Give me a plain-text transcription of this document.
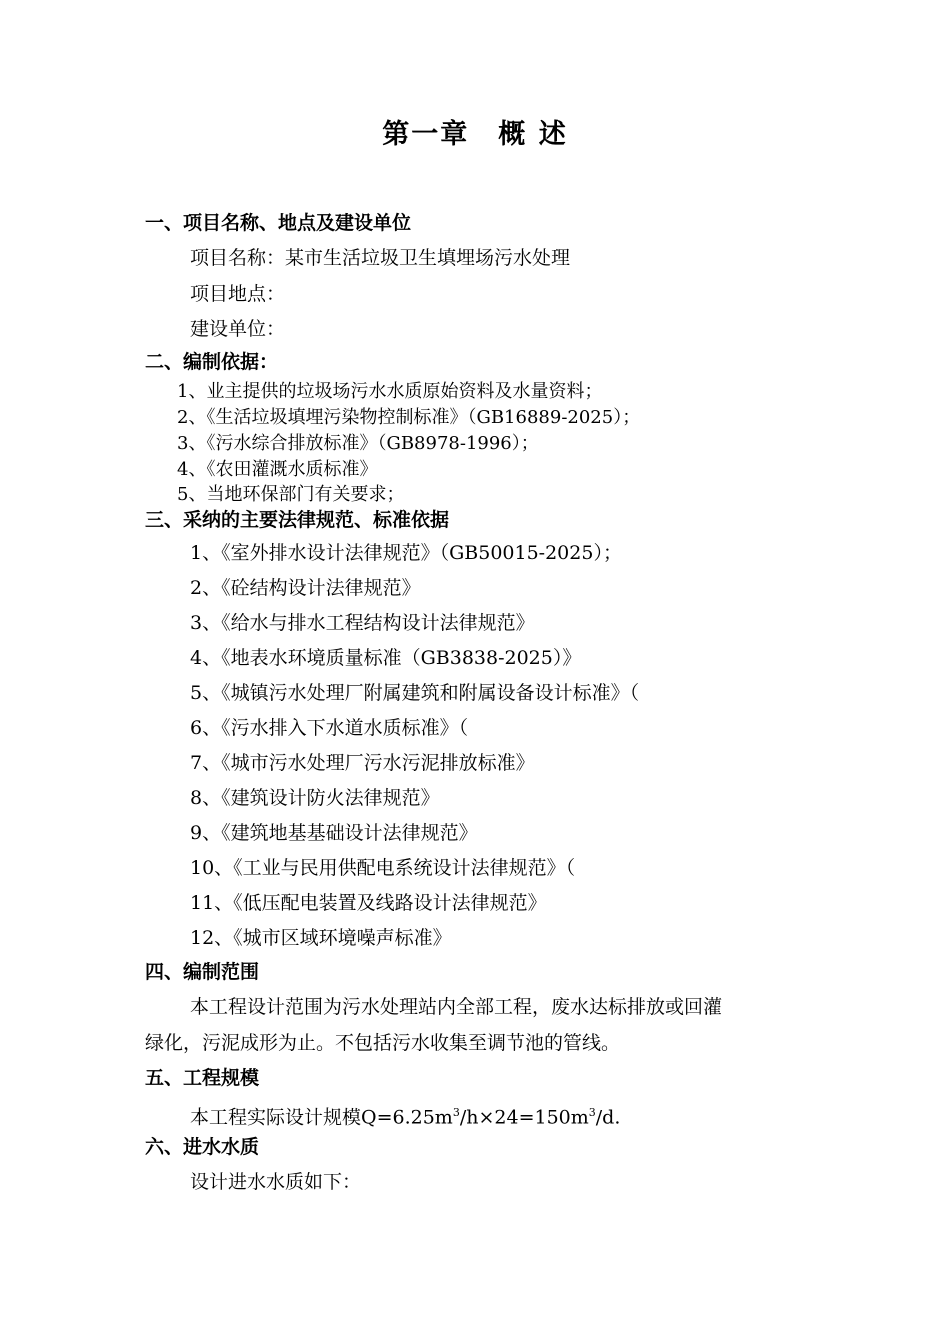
第一章　概 述
一、项目名称、地点及建设单位
项目名称：某市生活垃圾卫生填埋场污水处理
项目地点：
建设单位：
二、编制依据：
1、业主提供的垃圾场污水水质原始资料及水量资料；
2、《生活垃圾填埋污染物控制标准》（GB16889-2025）；
3、《污水综合排放标准》（GB8978-1996）；
4、《农田灌溉水质标准》
5、当地环保部门有关要求；
三、采纳的主要法律规范、标准依据
1、《室外排水设计法律规范》（GB50015-2025）；
2、《砼结构设计法律规范》
3、《给水与排水工程结构设计法律规范》
4、《地表水环境质量标准（GB3838-2025）》
5、《城镇污水处理厂附属建筑和附属设备设计标准》（
6、《污水排入下水道水质标准》（
7、《城市污水处理厂污水污泥排放标准》
8、《建筑设计防火法律规范》
9、《建筑地基基础设计法律规范》
10、《工业与民用供配电系统设计法律规范》（
11、《低压配电装置及线路设计法律规范》
12、《城市区域环境噪声标准》
四、编制范围
本工程设计范围为污水处理站内全部工程，废水达标排放或回灌
绿化，污泥成形为止。不包括污水收集至调节池的管线。
五、工程规模
本工程实际设计规模$Q=6.25m^3/h\times 24=150m^3/d$.
六、进水水质
设计进水水质如下：
